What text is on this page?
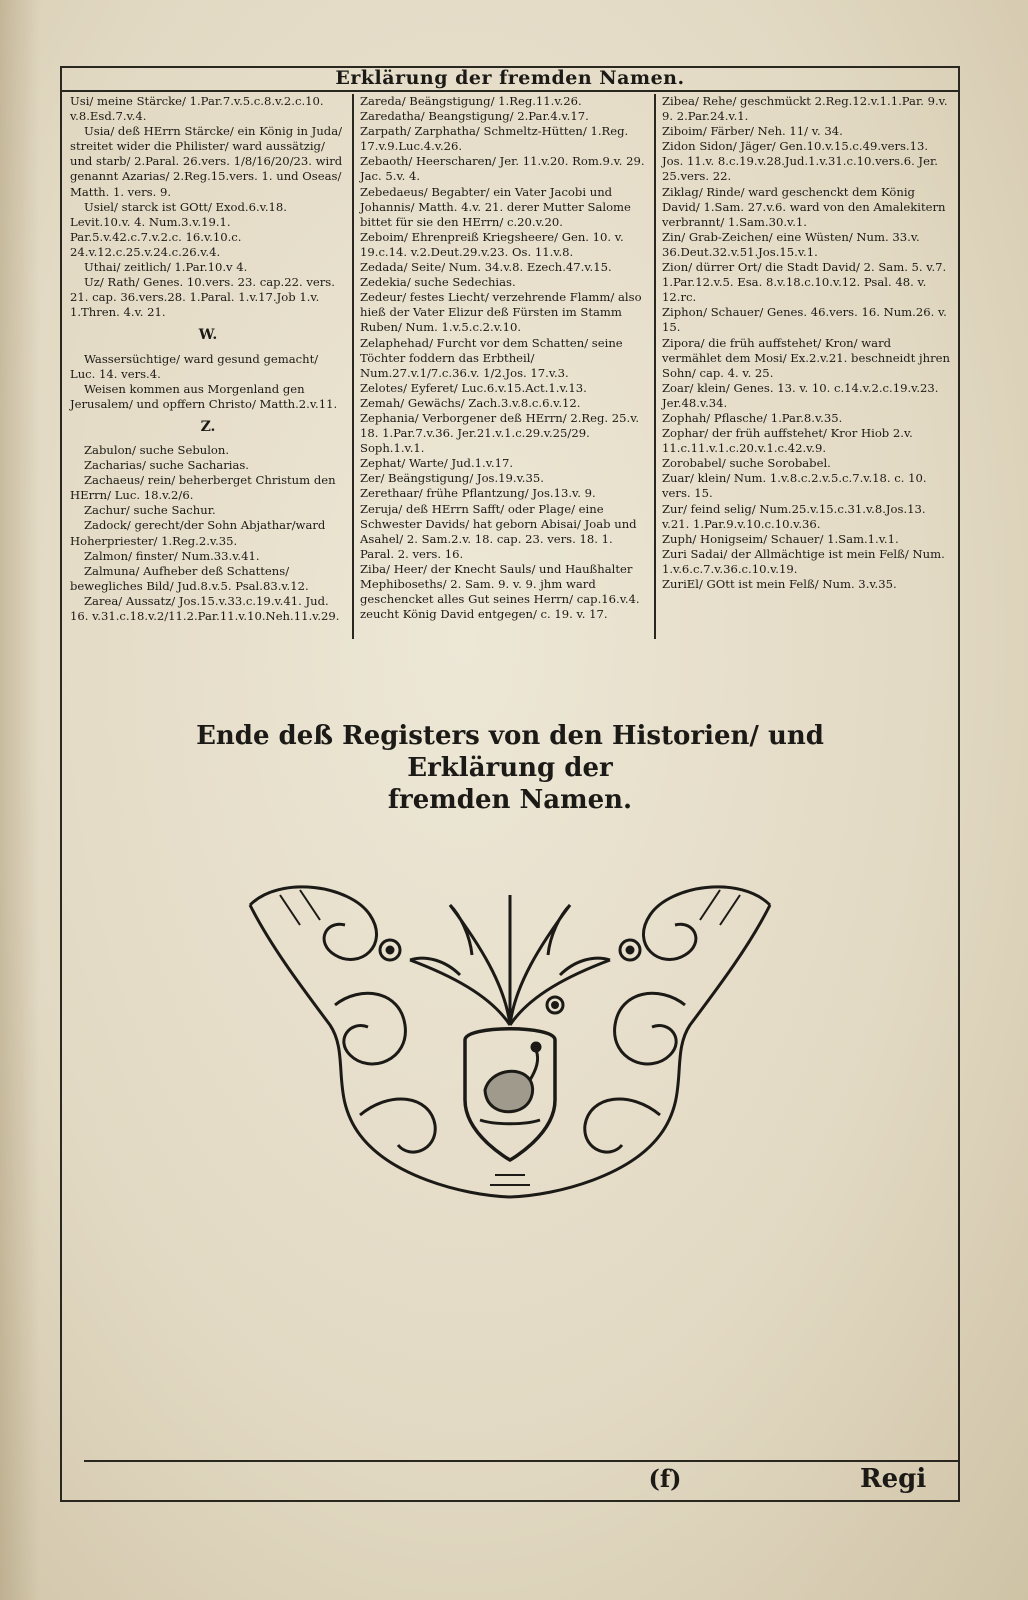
Erklärung der fremden Namen.
Usi/ meine Stärcke/ 1.Par.7.v.5.c.8.v.2.c.10. v.8.Esd.7.v.4.
Usia/ deß HErrn Stärcke/ ein König in Juda/ streitet wider die Philister/ ward aussätzig/ und starb/ 2.Paral. 26.vers. 1/8/16/20/23. wird genannt Azarias/ 2.Reg.15.vers. 1. und Oseas/ Matth. 1. vers. 9.
Usiel/ starck ist GOtt/ Exod.6.v.18. Levit.10.v. 4. Num.3.v.19.1. Par.5.v.42.c.7.v.2.c. 16.v.10.c. 24.v.12.c.25.v.24.c.26.v.4.
Uthai/ zeitlich/ 1.Par.10.v 4.
Uz/ Rath/ Genes. 10.vers. 23. cap.22. vers. 21. cap. 36.vers.28. 1.Paral. 1.v.17.Job 1.v. 1.Thren. 4.v. 21.
W.
Wassersüchtige/ ward gesund gemacht/ Luc. 14. vers.4.
Weisen kommen aus Morgenland gen Jerusalem/ und opffern Christo/ Matth.2.v.11.
Z.
Zabulon/ suche Sebulon.
Zacharias/ suche Sacharias.
Zachaeus/ rein/ beherberget Christum den HErrn/ Luc. 18.v.2/6.
Zachur/ suche Sachur.
Zadock/ gerecht/der Sohn Abjathar/ward Hoherpriester/ 1.Reg.2.v.35.
Zalmon/ finster/ Num.33.v.41.
Zalmuna/ Aufheber deß Schattens/ bewegliches Bild/ Jud.8.v.5. Psal.83.v.12.
Zarea/ Aussatz/ Jos.15.v.33.c.19.v.41. Jud. 16. v.31.c.18.v.2/11.2.Par.11.v.10.Neh.11.v.29.
Zareda/ Beängstigung/ 1.Reg.11.v.26.
Zaredatha/ Beangstigung/ 2.Par.4.v.17.
Zarpath/ Zarphatha/ Schmeltz-Hütten/ 1.Reg. 17.v.9.Luc.4.v.26.
Zebaoth/ Heerscharen/ Jer. 11.v.20. Rom.9.v. 29. Jac. 5.v. 4.
Zebedaeus/ Begabter/ ein Vater Jacobi und Johannis/ Matth. 4.v. 21. derer Mutter Salome bittet für sie den HErrn/ c.20.v.20.
Zeboim/ Ehrenpreiß Kriegsheere/ Gen. 10. v. 19.c.14. v.2.Deut.29.v.23. Os. 11.v.8.
Zedada/ Seite/ Num. 34.v.8. Ezech.47.v.15.
Zedekia/ suche Sedechias.
Zedeur/ festes Liecht/ verzehrende Flamm/ also hieß der Vater Elizur deß Fürsten im Stamm Ruben/ Num. 1.v.5.c.2.v.10.
Zelaphehad/ Furcht vor dem Schatten/ seine Töchter foddern das Erbtheil/ Num.27.v.1/7.c.36.v. 1/2.Jos. 17.v.3.
Zelotes/ Eyferet/ Luc.6.v.15.Act.1.v.13.
Zemah/ Gewächs/ Zach.3.v.8.c.6.v.12.
Zephania/ Verborgener deß HErrn/ 2.Reg. 25.v. 18. 1.Par.7.v.36. Jer.21.v.1.c.29.v.25/29. Soph.1.v.1.
Zephat/ Warte/ Jud.1.v.17.
Zer/ Beängstigung/ Jos.19.v.35.
Zerethaar/ frühe Pflantzung/ Jos.13.v. 9.
Zeruja/ deß HErrn Safft/ oder Plage/ eine Schwester Davids/ hat geborn Abisai/ Joab und Asahel/ 2. Sam.2.v. 18. cap. 23. vers. 18. 1. Paral. 2. vers. 16.
Ziba/ Heer/ der Knecht Sauls/ und Haußhalter Mephiboseths/ 2. Sam. 9. v. 9. jhm ward geschencket alles Gut seines Herrn/ cap.16.v.4. zeucht König David entgegen/ c. 19. v. 17.
Zibea/ Rehe/ geschmückt 2.Reg.12.v.1.1.Par. 9.v. 9. 2.Par.24.v.1.
Ziboim/ Färber/ Neh. 11/ v. 34.
Zidon Sidon/ Jäger/ Gen.10.v.15.c.49.vers.13. Jos. 11.v. 8.c.19.v.28.Jud.1.v.31.c.10.vers.6. Jer. 25.vers. 22.
Ziklag/ Rinde/ ward geschenckt dem König David/ 1.Sam. 27.v.6. ward von den Amalekitern verbrannt/ 1.Sam.30.v.1.
Zin/ Grab-Zeichen/ eine Wüsten/ Num. 33.v. 36.Deut.32.v.51.Jos.15.v.1.
Zion/ dürrer Ort/ die Stadt David/ 2. Sam. 5. v.7. 1.Par.12.v.5. Esa. 8.v.18.c.10.v.12. Psal. 48. v. 12.rc.
Ziphon/ Schauer/ Genes. 46.vers. 16. Num.26. v. 15.
Zipora/ die früh auffstehet/ Kron/ ward vermählet dem Mosi/ Ex.2.v.21. beschneidt jhren Sohn/ cap. 4. v. 25.
Zoar/ klein/ Genes. 13. v. 10. c.14.v.2.c.19.v.23. Jer.48.v.34.
Zophah/ Pflasche/ 1.Par.8.v.35.
Zophar/ der früh auffstehet/ Kror Hiob 2.v. 11.c.11.v.1.c.20.v.1.c.42.v.9.
Zorobabel/ suche Sorobabel.
Zuar/ klein/ Num. 1.v.8.c.2.v.5.c.7.v.18. c. 10. vers. 15.
Zur/ feind selig/ Num.25.v.15.c.31.v.8.Jos.13. v.21. 1.Par.9.v.10.c.10.v.36.
Zuph/ Honigseim/ Schauer/ 1.Sam.1.v.1.
Zuri Sadai/ der Allmächtige ist mein Felß/ Num. 1.v.6.c.7.v.36.c.10.v.19.
ZuriEl/ GOtt ist mein Felß/ Num. 3.v.35.
Ende deß Registers von den Historien/ und Erklärung der
fremden Namen.
(f)	Regi
